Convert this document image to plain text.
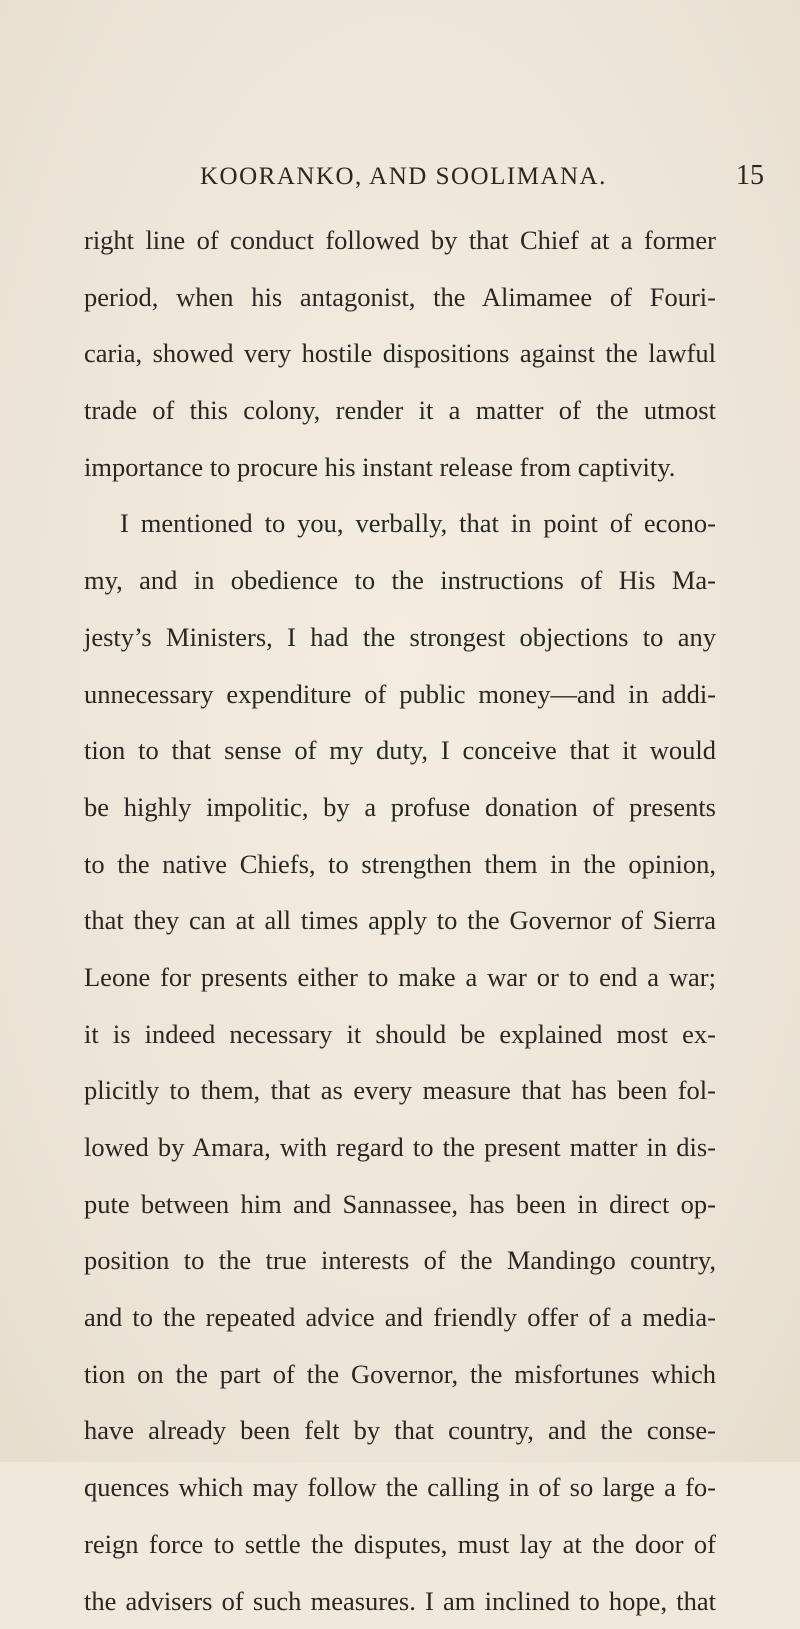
KOORANKO, AND SOOLIMANA.	15
right line of conduct followed by that Chief at a former
period, when his antagonist, the Alimamee of Fouri-
caria, showed very hostile dispositions against the lawful
trade of this colony, render it a matter of the utmost
importance to procure his instant release from captivity.
I mentioned to you, verbally, that in point of econo-
my, and in obedience to the instructions of His Ma-
jesty’s Ministers, I had the strongest objections to any
unnecessary expenditure of public money—and in addi-
tion to that sense of my duty, I conceive that it would
be highly impolitic, by a profuse donation of presents
to the native Chiefs, to strengthen them in the opinion,
that they can at all times apply to the Governor of Sierra
Leone for presents either to make a war or to end a war;
it is indeed necessary it should be explained most ex-
plicitly to them, that as every measure that has been fol-
lowed by Amara, with regard to the present matter in dis-
pute between him and Sannassee, has been in direct op-
position to the true interests of the Mandingo country,
and to the repeated advice and friendly offer of a media-
tion on the part of the Governor, the misfortunes which
have already been felt by that country, and the conse-
quences which may follow the calling in of so large a fo-
reign force to settle the disputes, must lay at the door of
the advisers of such measures. I am inclined to hope, that
